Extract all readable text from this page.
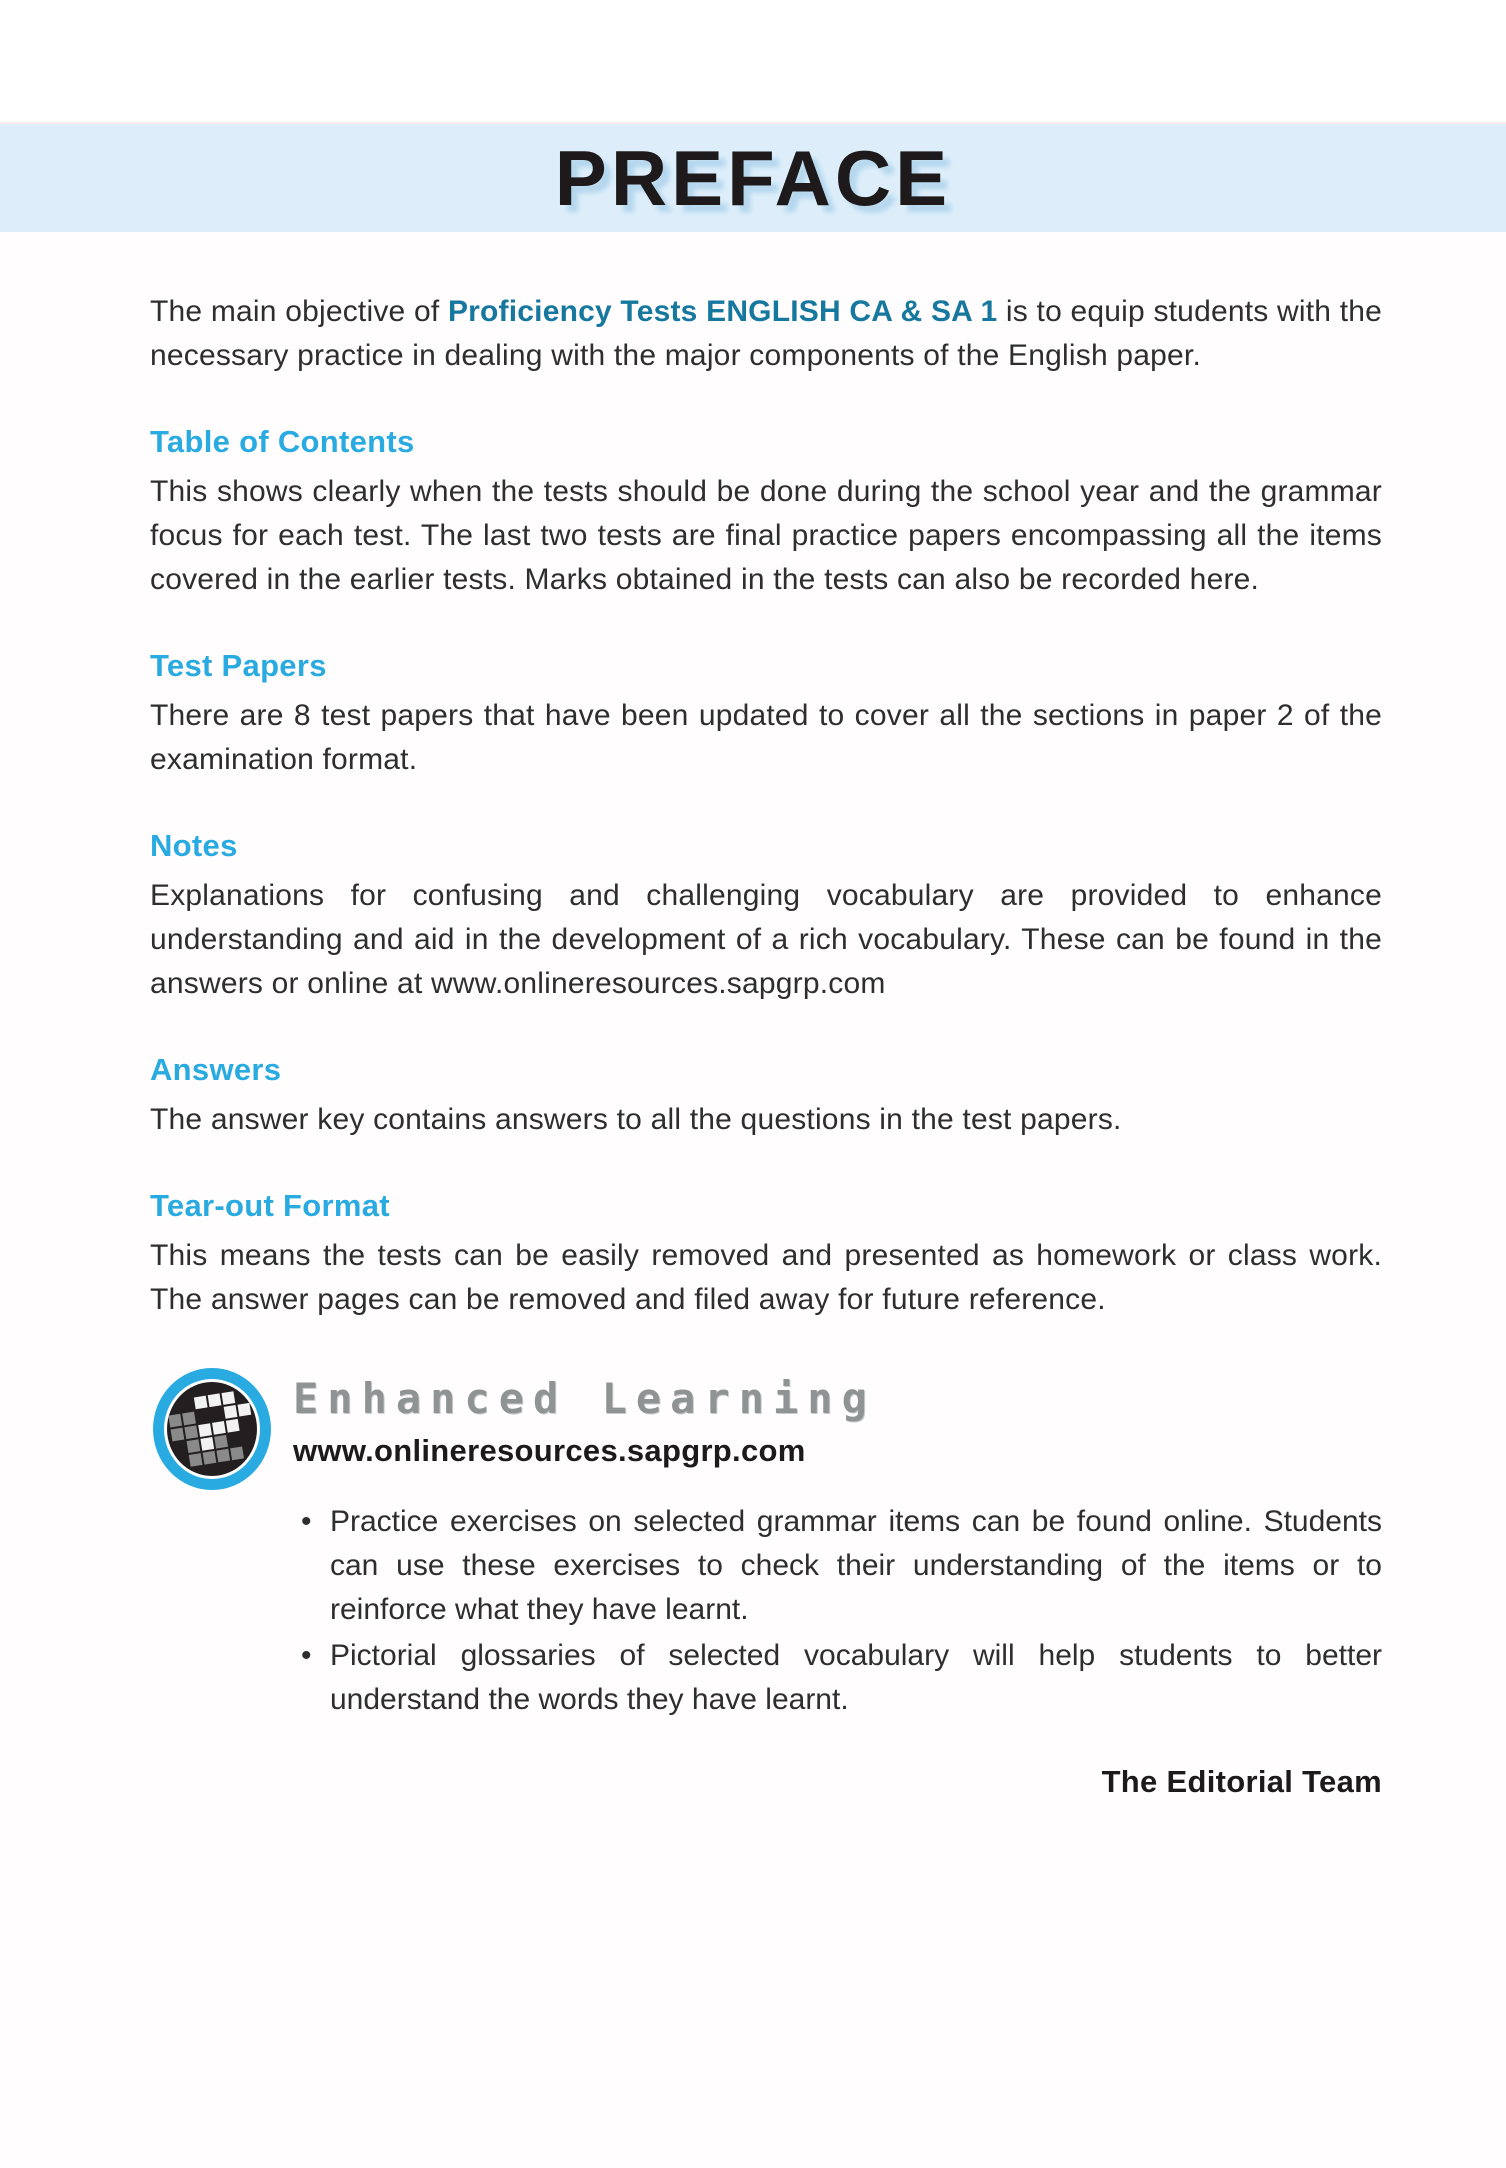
PREFACE

The main objective of Proficiency Tests ENGLISH CA & SA 1 is to equip students with the necessary practice in dealing with the major components of the English paper.

Table of Contents

This shows clearly when the tests should be done during the school year and the grammar focus for each test. The last two tests are final practice papers encompassing all the items covered in the earlier tests. Marks obtained in the tests can also be recorded here.

Test Papers

There are 8 test papers that have been updated to cover all the sections in paper 2 of the examination format.

Notes

Explanations for confusing and challenging vocabulary are provided to enhance understanding and aid in the development of a rich vocabulary. These can be found in the answers or online at www.onlineresources.sapgrp.com

Answers

The answer key contains answers to all the questions in the test papers.

Tear-out Format

This means the tests can be easily removed and presented as homework or class work. The answer pages can be removed and filed away for future reference.

Enhanced Learning
www.onlineresources.sapgrp.com
• Practice exercises on selected grammar items can be found online. Students can use these exercises to check their understanding of the items or to reinforce what they have learnt.
• Pictorial glossaries of selected vocabulary will help students to better understand the words they have learnt.
The Editorial Team
